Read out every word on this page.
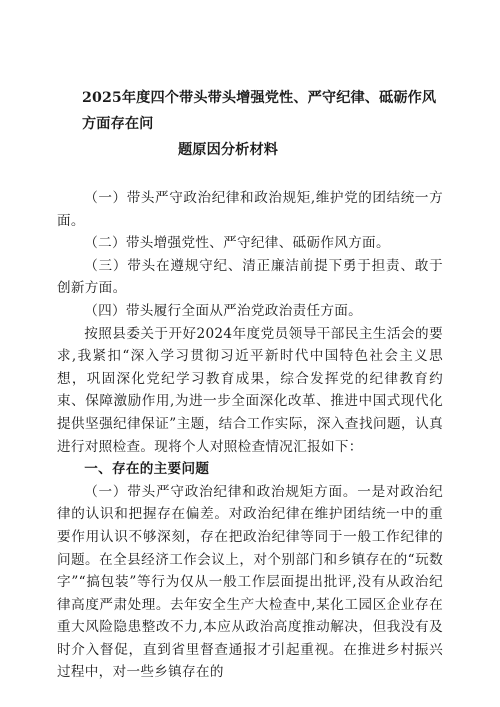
2025年度四个带头带头增强党性、严守纪律、砥砺作风方面存在问
题原因分析材料

（一）带头严守政治纪律和政治规矩,维护党的团结统一方面。

（二）带头增强党性、严守纪律、砥砺作风方面。

（三）带头在遵规守纪、清正廉洁前提下勇于担责、敢于创新方面。

（四）带头履行全面从严治党政治责任方面。

按照县委关于开好2024年度党员领导干部民主生活会的要求,我紧扣“深入学习贯彻习近平新时代中国特色社会主义思想，巩固深化党纪学习教育成果，综合发挥党的纪律教育约束、保障激励作用,为进一步全面深化改革、推进中国式现代化提供坚强纪律保证”主题，结合工作实际，深入查找问题，认真进行对照检查。现将个人对照检查情况汇报如下：

一、存在的主要问题

（一）带头严守政治纪律和政治规矩方面。一是对政治纪律的认识和把握存在偏差。对政治纪律在维护团结统一中的重要作用认识不够深刻，存在把政治纪律等同于一般工作纪律的问题。在全县经济工作会议上，对个别部门和乡镇存在的“玩数字”“搞包装”等行为仅从一般工作层面提出批评,没有从政治纪律高度严肃处理。去年安全生产大检查中,某化工园区企业存在重大风险隐患整改不力,本应从政治高度推动解决，但我没有及时介入督促，直到省里督查通报才引起重视。在推进乡村振兴过程中，对一些乡镇存在的
